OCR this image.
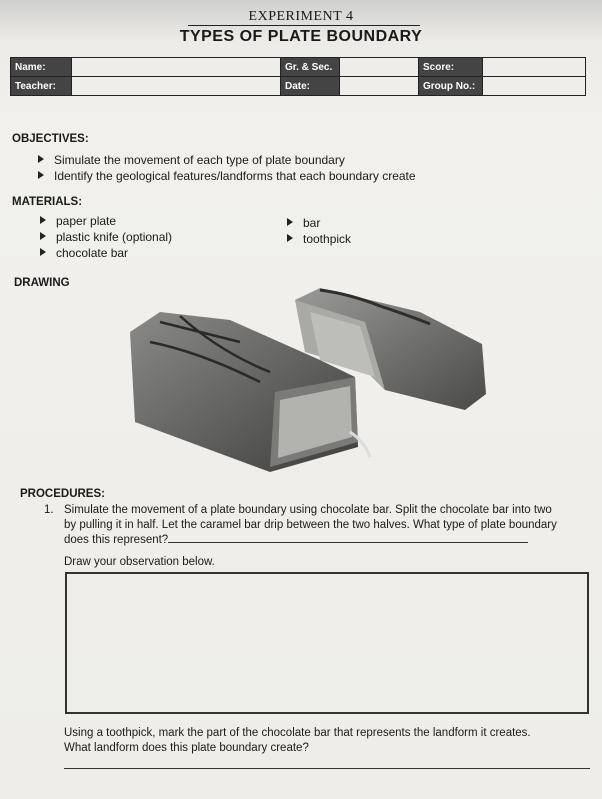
EXPERIMENT 4
TYPES OF PLATE BOUNDARY
Name:		Gr. & Sec.		Score:	
Teacher:		Date:		Group No.:	
OBJECTIVES:
Simulate the movement of each type of plate boundary
Identify the geological features/landforms that each boundary create
MATERIALS:
paper plate
plastic knife (optional)
chocolate bar
bar
toothpick
DRAWING
PROCEDURES:
1. Simulate the movement of a plate boundary using chocolate bar. Split the chocolate bar into two
by pulling it in half. Let the caramel bar drip between the two halves. What type of plate boundary
does this represent?
Draw your observation below.
Using a toothpick, mark the part of the chocolate bar that represents the landform it creates.
What landform does this plate boundary create?
